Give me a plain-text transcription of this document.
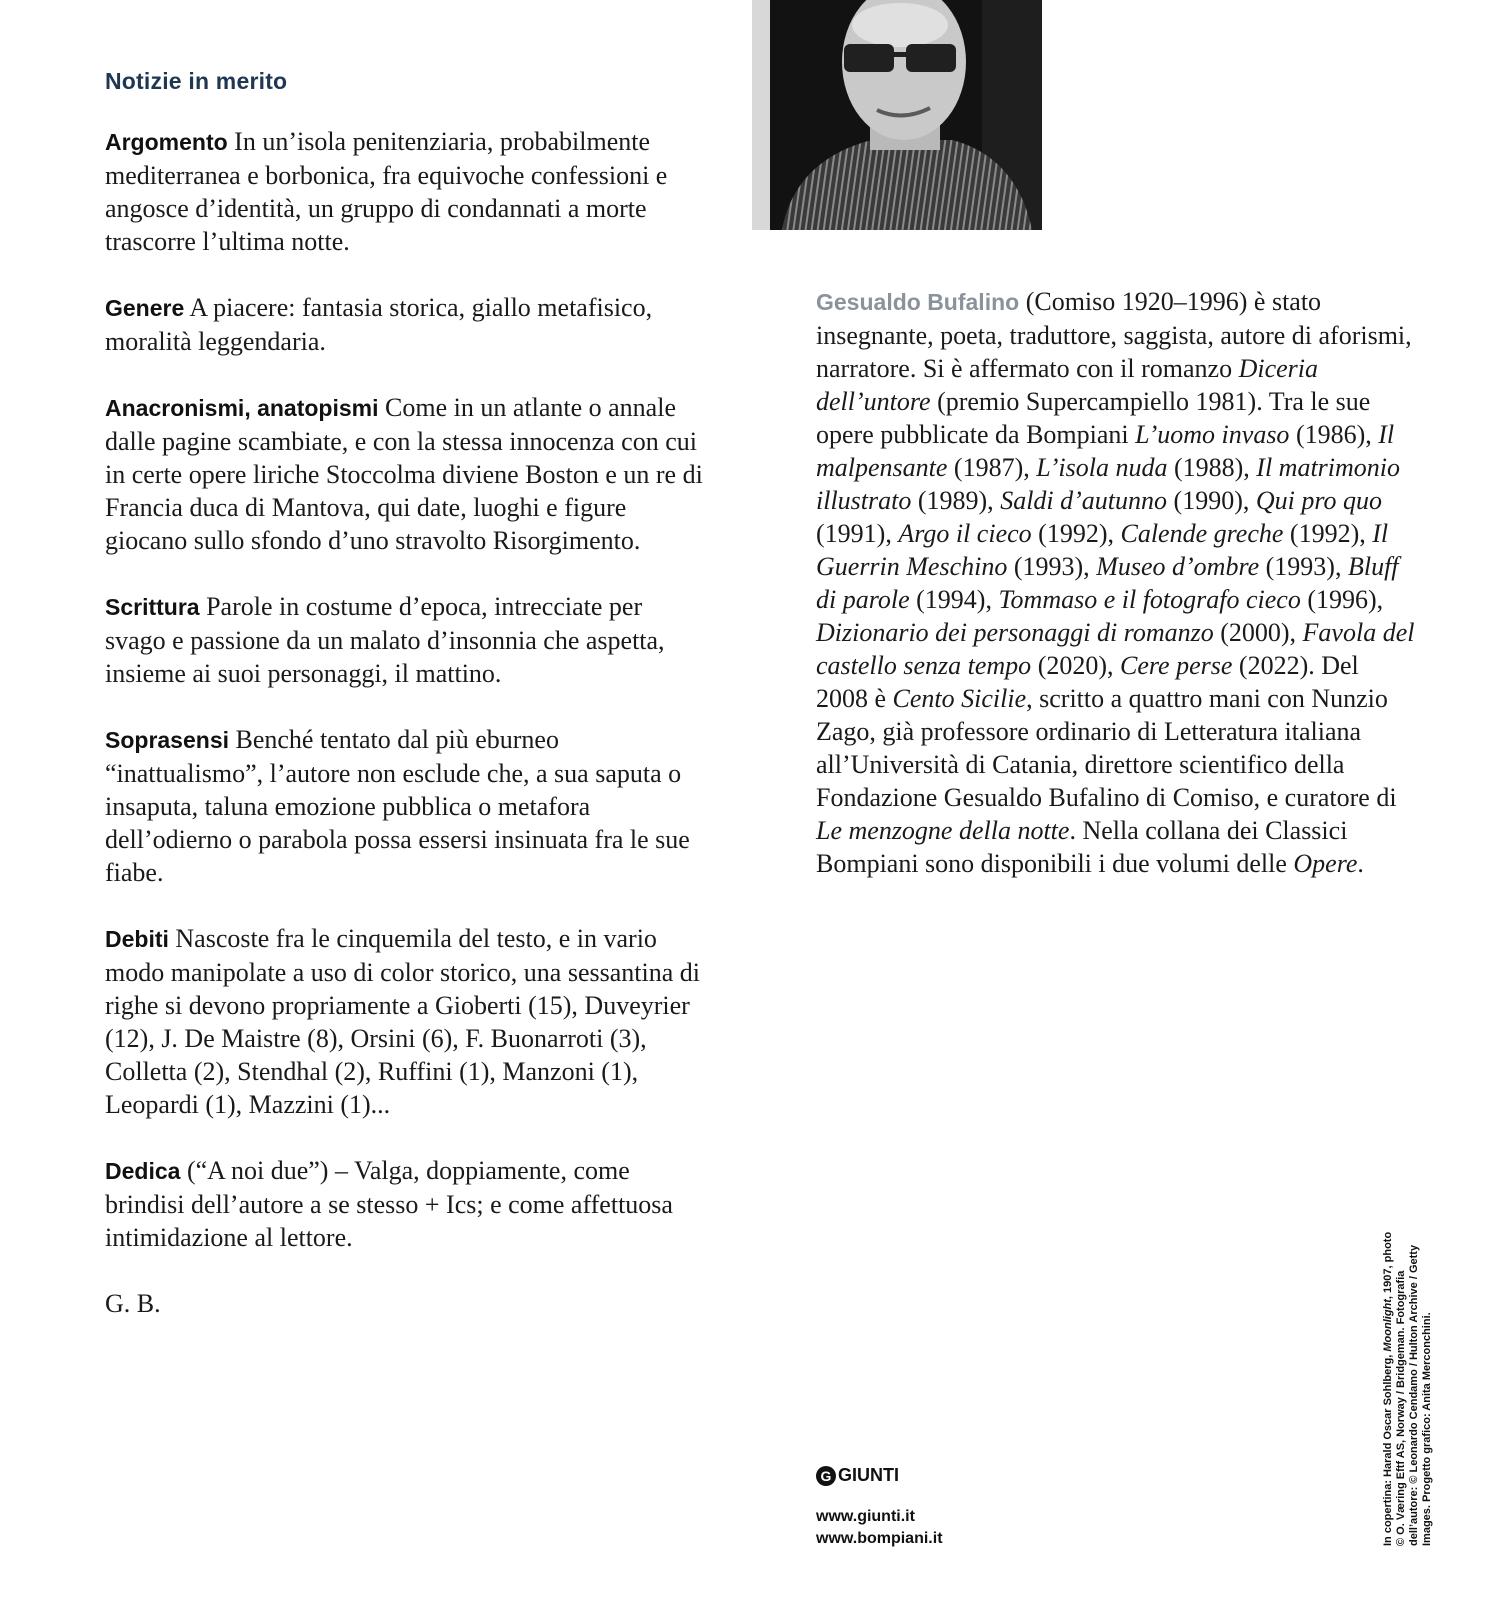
Notizie in merito

Argomento In un’isola penitenziaria, probabilmente mediterranea e borbonica, fra equivoche confessioni e angosce d’identità, un gruppo di condannati a morte trascorre l’ultima notte.

Genere A piacere: fantasia storica, giallo metafisico, moralità leggendaria.

Anacronismi, anatopismi Come in un atlante o annale dalle pagine scambiate, e con la stessa innocenza con cui in certe opere liriche Stoccolma diviene Boston e un re di Francia duca di Mantova, qui date, luoghi e figure giocano sullo sfondo d’uno stravolto Risorgimento.

Scrittura Parole in costume d’epoca, intrecciate per svago e passione da un malato d’insonnia che aspetta, insieme ai suoi personaggi, il mattino.

Soprasensi Benché tentato dal più eburneo “inattualismo”, l’autore non esclude che, a sua saputa o insaputa, taluna emozione pubblica o metafora dell’odierno o parabola possa essersi insinuata fra le sue fiabe.

Debiti Nascoste fra le cinquemila del testo, e in vario modo manipolate a uso di color storico, una sessantina di righe si devono propriamente a Gioberti (15), Duveyrier (12), J. De Maistre (8), Orsini (6), F. Buonarroti (3), Colletta (2), Stendhal (2), Ruffini (1), Manzoni (1), Leopardi (1), Mazzini (1)...

Dedica (“A noi due”) – Valga, doppiamente, come brindisi dell’autore a se stesso + Ics; e come affettuosa intimidazione al lettore.

G. B.
Gesualdo Bufalino (Comiso 1920–1996) è stato insegnante, poeta, traduttore, saggista, autore di aforismi, narratore. Si è affermato con il romanzo Diceria dell’untore (premio Supercampiello 1981). Tra le sue opere pubblicate da Bompiani L’uomo invaso (1986), Il malpensante (1987), L’isola nuda (1988), Il matrimonio illustrato (1989), Saldi d’autunno (1990), Qui pro quo (1991), Argo il cieco (1992), Calende greche (1992), Il Guerrin Meschino (1993), Museo d’ombre (1993), Bluff di parole (1994), Tommaso e il fotografo cieco (1996), Dizionario dei personaggi di romanzo (2000), Favola del castello senza tempo (2020), Cere perse (2022). Del 2008 è Cento Sicilie, scritto a quattro mani con Nunzio Zago, già professore ordinario di Letteratura italiana all’Università di Catania, direttore scientifico della Fondazione Gesualdo Bufalino di Comiso, e curatore di Le menzogne della notte. Nella collana dei Classici Bompiani sono disponibili i due volumi delle Opere.
G GIUNTI
www.giunti.it
www.bompiani.it	In copertina: Harald Oscar Sohlberg, Moonlight, 1907, photo © O. Væring Eftf AS, Norway / Bridgeman. Fotografia dell’autore: © Leonardo Cendamo / Hulton Archive / Getty Images. Progetto grafico: Anita Merconchini.
